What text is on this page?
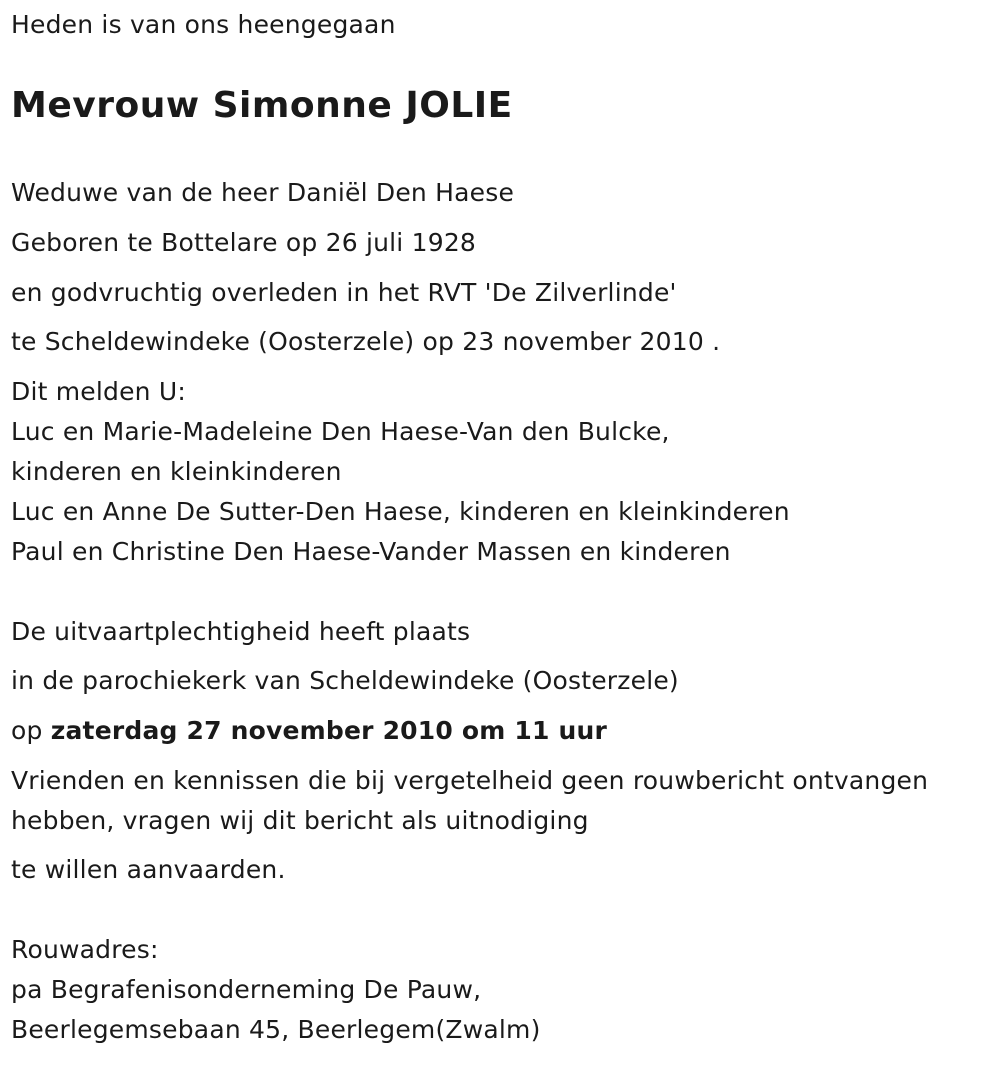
Heden is van ons heengegaan
Mevrouw Simonne JOLIE
Weduwe van de heer Daniël Den Haese
Geboren te Bottelare op 26 juli 1928
en godvruchtig overleden in het RVT 'De Zilverlinde'
te Scheldewindeke (Oosterzele) op 23 november 2010 .
Dit melden U:
Luc en Marie-Madeleine Den Haese-Van den Bulcke,
kinderen en kleinkinderen
Luc en Anne De Sutter-Den Haese, kinderen en kleinkinderen
Paul en Christine Den Haese-Vander Massen en kinderen
De uitvaartplechtigheid heeft plaats
in de parochiekerk van Scheldewindeke (Oosterzele)
op zaterdag 27 november 2010 om 11 uur
Vrienden en kennissen die bij vergetelheid geen rouwbericht ontvangen
hebben, vragen wij dit bericht als uitnodiging
te willen aanvaarden.
Rouwadres:
pa Begrafenisonderneming De Pauw,
Beerlegemsebaan 45, Beerlegem(Zwalm)
